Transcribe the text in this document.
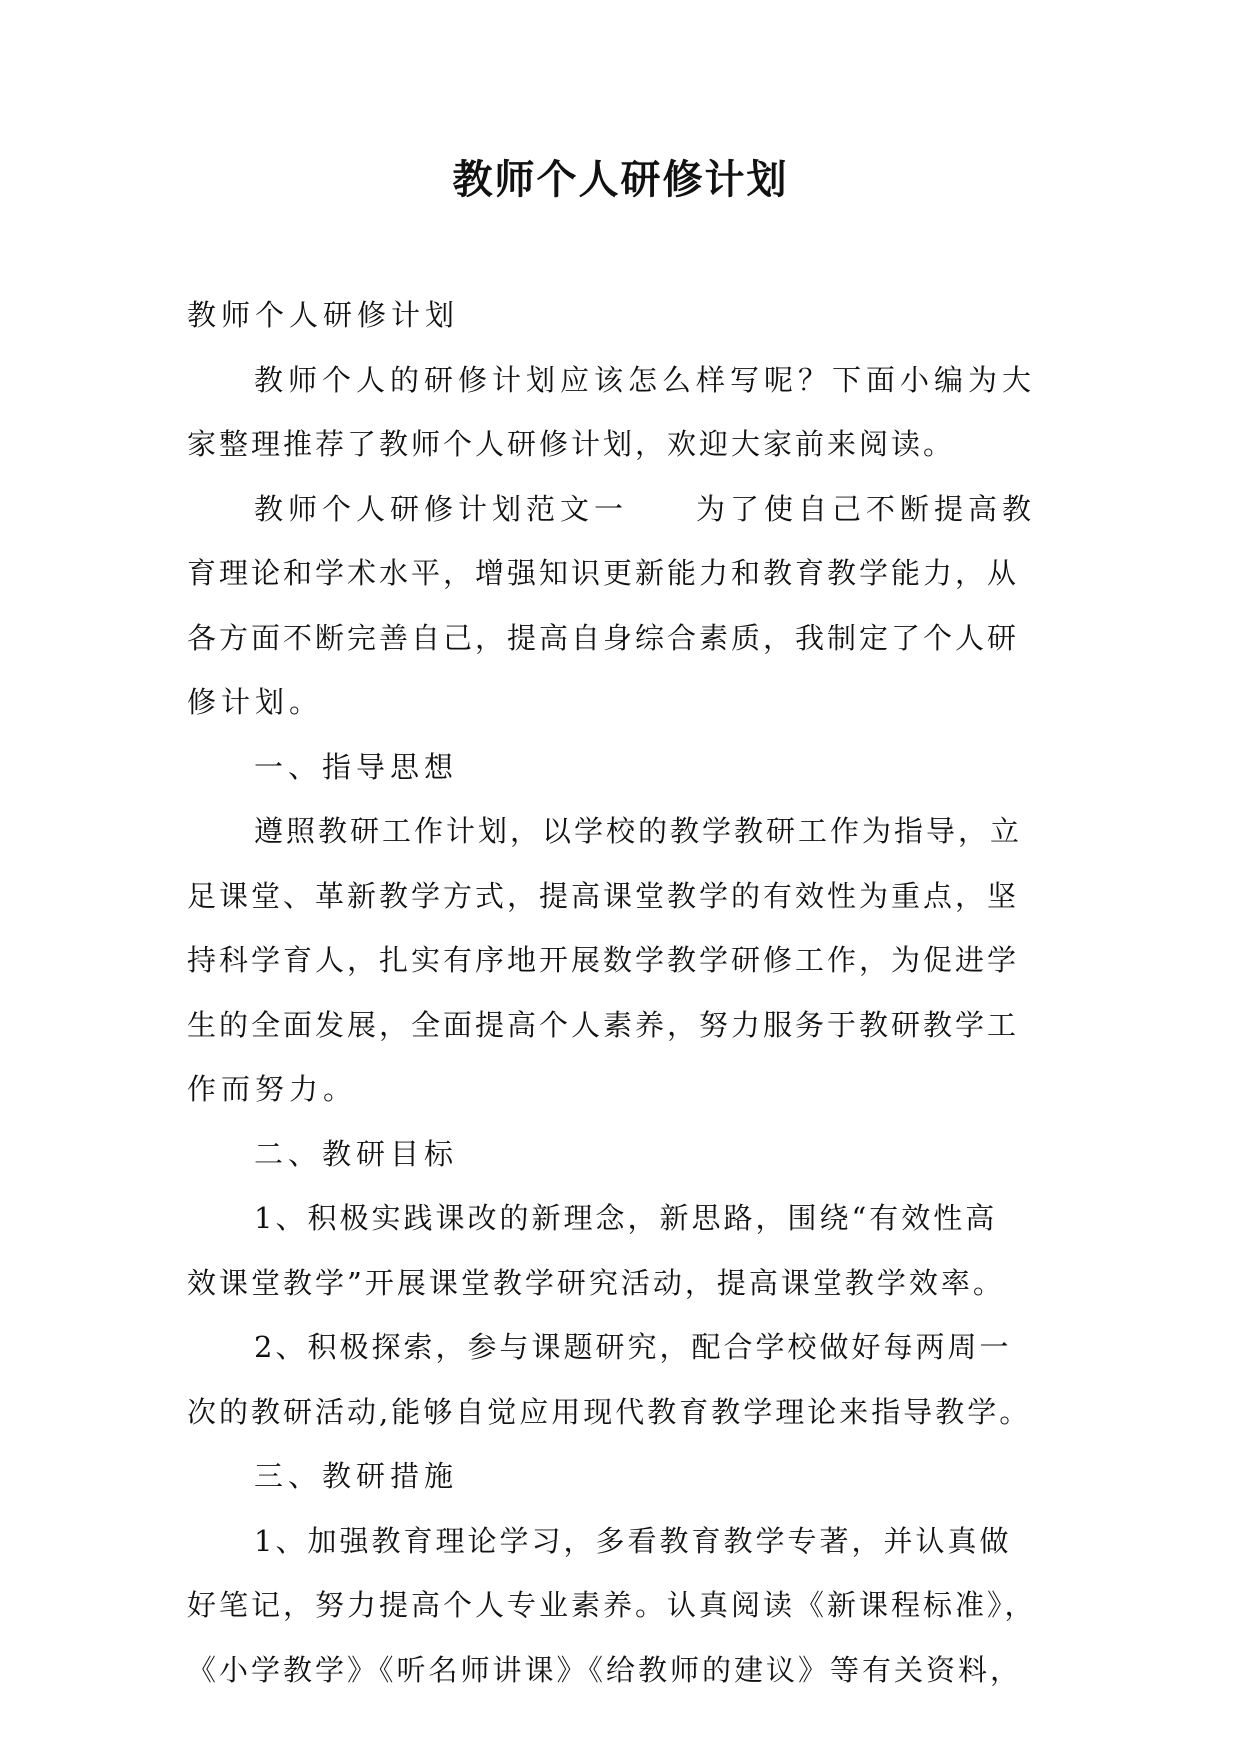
教师个人研修计划
教师个人研修计划
教师个人的研修计划应该怎么样写呢？下面小编为大
家整理推荐了教师个人研修计划，欢迎大家前来阅读。
教师个人研修计划范文一　　为了使自己不断提高教
育理论和学术水平，增强知识更新能力和教育教学能力，从
各方面不断完善自己，提高自身综合素质，我制定了个人研
修计划。
一、指导思想
遵照教研工作计划，以学校的教学教研工作为指导，立
足课堂、革新教学方式，提高课堂教学的有效性为重点，坚
持科学育人，扎实有序地开展数学教学研修工作，为促进学
生的全面发展，全面提高个人素养，努力服务于教研教学工
作而努力。
二、教研目标
1、积极实践课改的新理念，新思路，围绕“有效性高
效课堂教学”开展课堂教学研究活动，提高课堂教学效率。
2、积极探索，参与课题研究，配合学校做好每两周一
次的教研活动,能够自觉应用现代教育教学理论来指导教学。
三、教研措施
1、加强教育理论学习，多看教育教学专著，并认真做
好笔记，努力提高个人专业素养。认真阅读《新课程标准》，
《小学教学》《听名师讲课》《给教师的建议》等有关资料，
